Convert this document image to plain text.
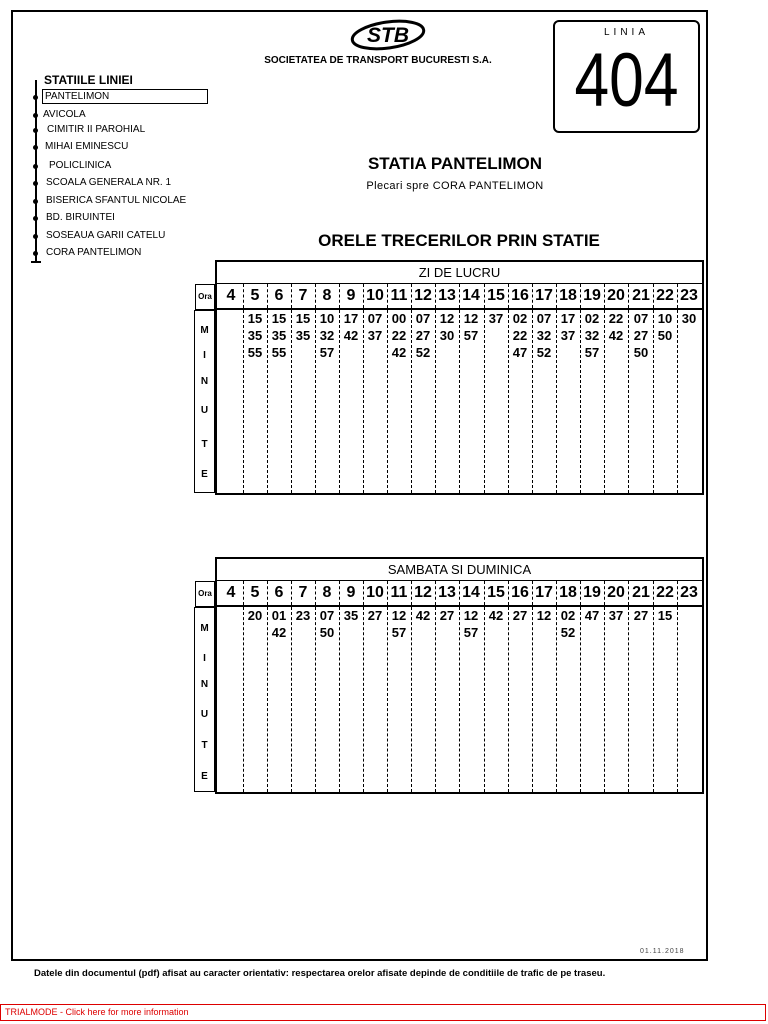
STB
SOCIETATEA DE TRANSPORT BUCURESTI S.A.
LINIA
404
STATIILE LINIEI
PANTELIMON
AVICOLA
CIMITIR II PAROHIAL
MIHAI EMINESCU
POLICLINICA
SCOALA GENERALA NR. 1
BISERICA SFANTUL NICOLAE
BD. BIRUINTEI
SOSEAUA GARII CATELU
CORA PANTELIMON
STATIA PANTELIMON
Plecari spre CORA PANTELIMON
ORELE TRECERILOR PRIN STATIE
ZI DE LUCRU
Ora 4 5 6 7 8 9 10 11 12 13 14 15 16 17 18 19 20 21 22 23
M
I
N
U
T
E
15
35
55
15
35
55
15
35
10
32
57
17
42
07
37
00
22
42
07
27
52
12
30
12
57
37 02
22
47
07
32
52
17
37
02
32
57
22
42
07
27
50
10
50
30
SAMBATA SI DUMINICA
Ora 4 5 6 7 8 9 10 11 12 13 14 15 16 17 18 19 20 21 22 23
M
I
N
U
T
E
20 01
42
23 07
50
35 27 12
57
42 27 12
57
42 27 12 02
52
47 37 27 15
01.11.2018
Datele din documentul (pdf) afisat au caracter orientativ: respectarea orelor afisate depinde de conditiile de trafic de pe traseu.
TRIALMODE - Click here for more information
